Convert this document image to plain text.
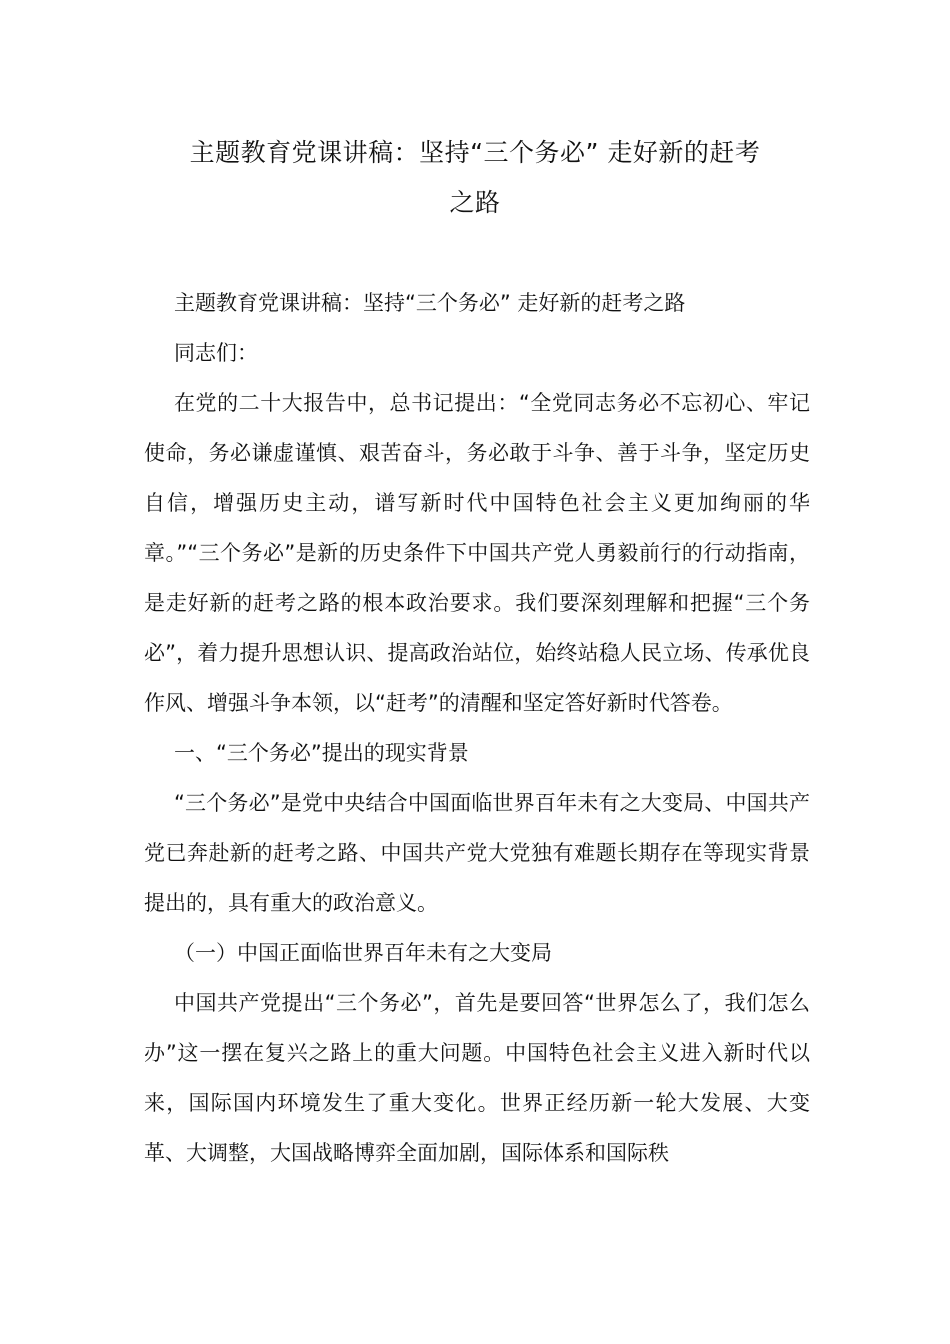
主题教育党课讲稿：坚持“三个务必” 走好新的赶考
之路

主题教育党课讲稿：坚持“三个务必” 走好新的赶考之路

同志们：

在党的二十大报告中，总书记提出：“全党同志务必不忘初心、牢记使命，务必谦虚谨慎、艰苦奋斗，务必敢于斗争、善于斗争，坚定历史自信，增强历史主动，谱写新时代中国特色社会主义更加绚丽的华章。”“三个务必”是新的历史条件下中国共产党人勇毅前行的行动指南，是走好新的赶考之路的根本政治要求。我们要深刻理解和把握“三个务必”，着力提升思想认识、提高政治站位，始终站稳人民立场、传承优良作风、增强斗争本领，以“赶考”的清醒和坚定答好新时代答卷。

一、“三个务必”提出的现实背景

“三个务必”是党中央结合中国面临世界百年未有之大变局、中国共产党已奔赴新的赶考之路、中国共产党大党独有难题长期存在等现实背景提出的，具有重大的政治意义。

（一）中国正面临世界百年未有之大变局

中国共产党提出“三个务必”，首先是要回答“世界怎么了，我们怎么办”这一摆在复兴之路上的重大问题。中国特色社会主义进入新时代以来，国际国内环境发生了重大变化。世界正经历新一轮大发展、大变革、大调整，大国战略博弈全面加剧，国际体系和国际秩
